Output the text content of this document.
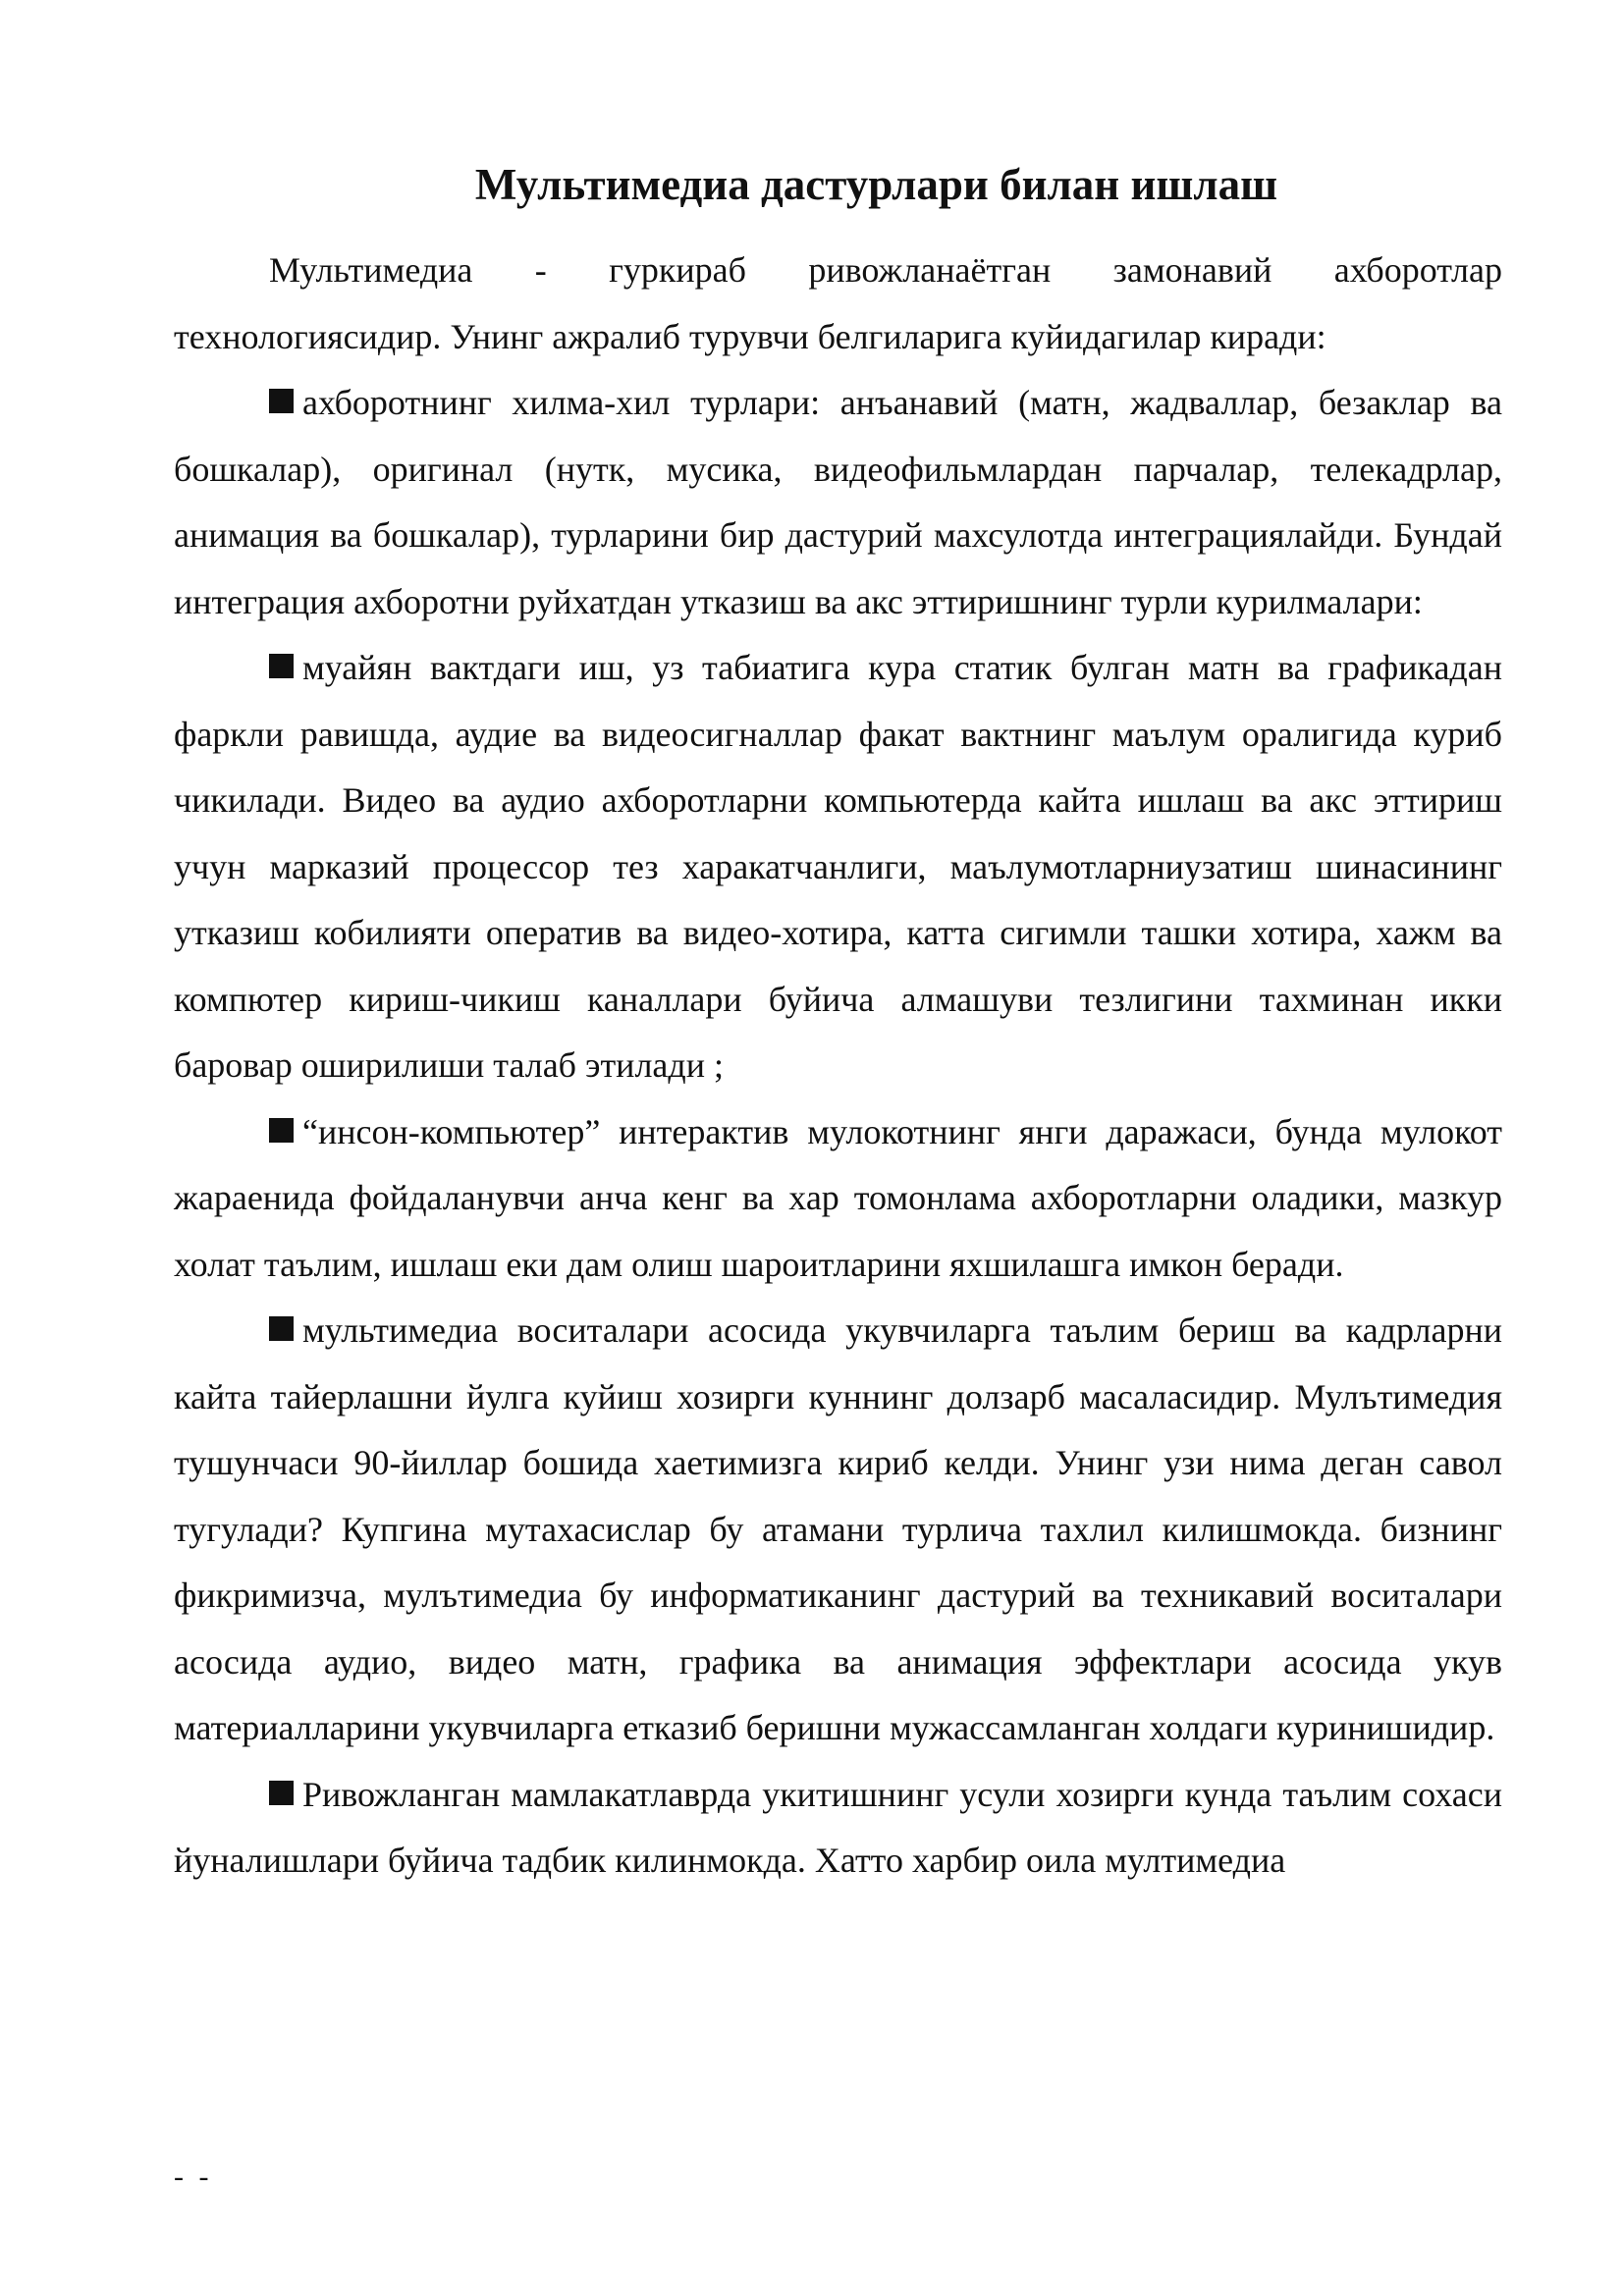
Мультимедиа дастурлари билан ишлаш

Мультимедиа - гуркираб ривожланаётган замонавий ахборотлар технологиясидир. Унинг ажралиб турувчи белгиларига куйидагилар киради:

ахборотнинг хилма-хил турлари: анъанавий (матн, жадваллар, безаклар ва бошкалар), оригинал (нутк, мусика, видеофильмлардан парчалар, телекадрлар, анимация ва бошкалар), турларини бир дастурий махсулотда интеграциялайди. Бундай интеграция ахборотни руйхатдан утказиш ва акс эттиришнинг турли курилмалари:

муайян вактдаги иш, уз табиатига кура статик булган матн ва графикадан фаркли равишда, аудие ва видеосигналлар факат вактнинг маълум оралигида куриб чикилади. Видео ва аудио ахборотларни компьютерда кайта ишлаш ва акс эттириш учун марказий процессор тез харакатчанлиги, маълумотларниузатиш шинасининг утказиш кобилияти оператив ва видео-хотира, катта сигимли ташки хотира, хажм ва компютер кириш-чикиш каналлари буйича алмашуви тезлигини тахминан икки баровар оширилиши талаб этилади ;

“инсон-компьютер” интерактив мулокотнинг янги даражаси, бунда мулокот жараенида фойдаланувчи анча кенг ва хар томонлама ахборотларни оладики, мазкур холат таълим, ишлаш еки дам олиш шароитларини яхшилашга имкон беради.

мультимедиа воситалари асосида укувчиларга таълим бериш ва кадрларни кайта тайерлашни йулга куйиш хозирги куннинг долзарб масаласидир. Мулътимедия тушунчаси 90-йиллар бошида хаетимизга кириб келди. Унинг узи нима деган савол тугулади? Купгина мутахасислар бу атамани турлича тахлил килишмокда. бизнинг фикримизча, мулътимедиа бу информатиканинг дастурий ва техникавий воситалари асосида аудио, видео матн, графика ва анимация эффектлари асосида укув материалларини укувчиларга етказиб беришни мужассамланган холдаги куринишидир.

Ривожланган мамлакатлаврда укитишнинг усули хозирги кунда таълим сохаси йуналишлари буйича тадбик килинмокда. Хатто харбир оила мултимедиа

- -
